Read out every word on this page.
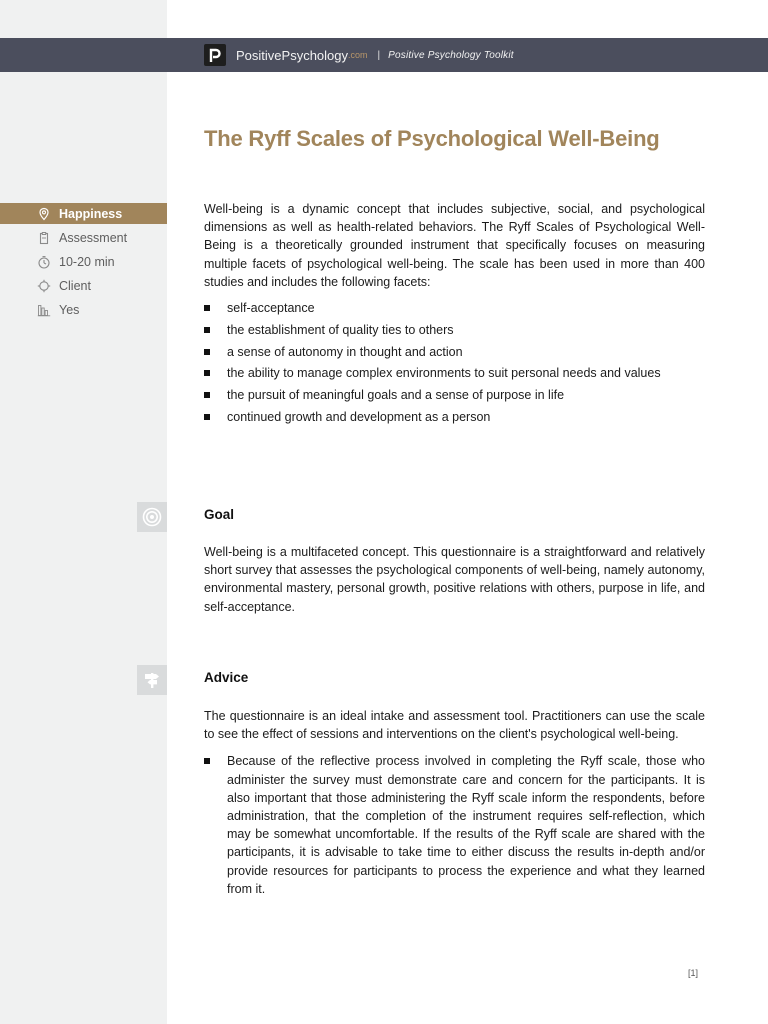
PositivePsychology .com | Positive Psychology Toolkit
The Ryff Scales of Psychological Well-Being
Happiness
Assessment
10-20 min
Client
Yes

Well-being is a dynamic concept that includes subjective, social, and psychological dimensions as well as health-related behaviors. The Ryff Scales of Psychological Well-Being is a theoretically grounded instrument that specifically focuses on measuring multiple facets of psychological well-being. The scale has been used in more than 400 studies and includes the following facets:

self-acceptance
the establishment of quality ties to others
a sense of autonomy in thought and action
the ability to manage complex environments to suit personal needs and values
the pursuit of meaningful goals and a sense of purpose in life
continued growth and development as a person
Goal

Well-being is a multifaceted concept. This questionnaire is a straightforward and relatively short survey that assesses the psychological components of well-being, namely autonomy, environmental mastery, personal growth, positive relations with others, purpose in life, and self-acceptance.

Advice

The questionnaire is an ideal intake and assessment tool. Practitioners can use the scale to see the effect of sessions and interventions on the client's psychological well-being.

Because of the reflective process involved in completing the Ryff scale, those who administer the survey must demonstrate care and concern for the participants. It is also important that those administering the Ryff scale inform the respondents, before administration, that the completion of the instrument requires self-reflection, which may be somewhat uncomfortable. If the results of the Ryff scale are shared with the participants, it is advisable to take time to either discuss the results in-depth and/or provide resources for participants to process the experience and what they learned from it.
[1]
